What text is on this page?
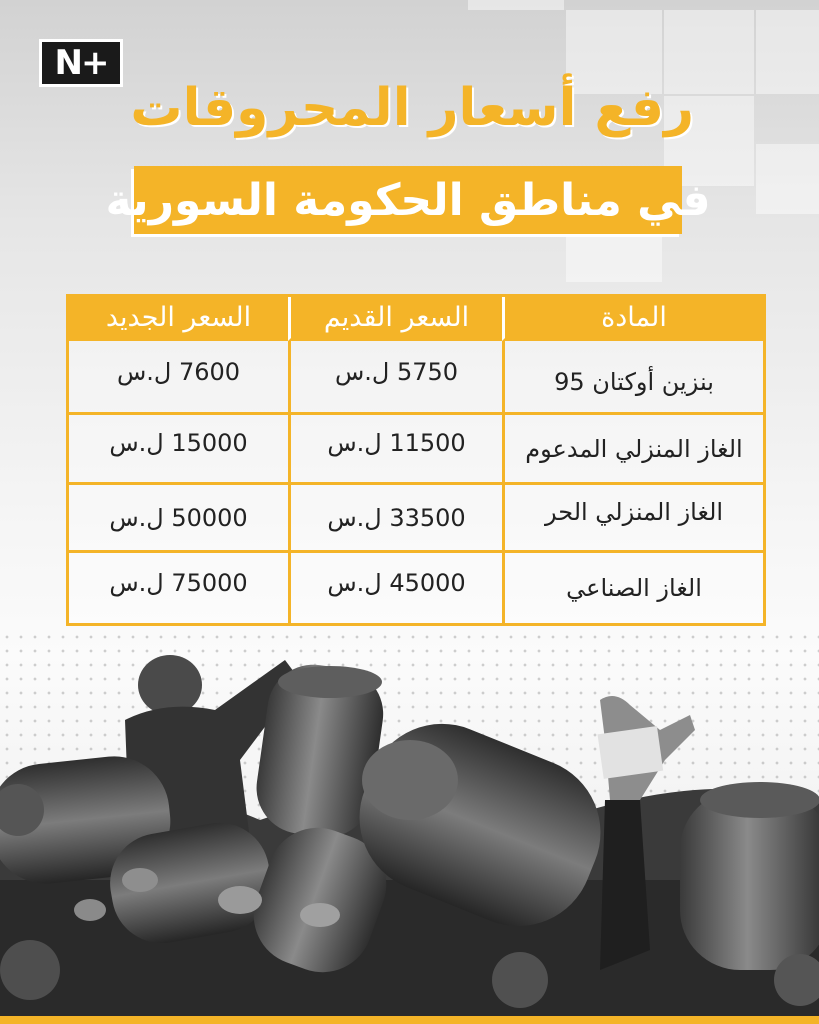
N+
رفع أسعار المحروقات
في مناطق الحكومة السورية
المادة
السعر القديم
السعر الجديد
بنزين أوكتان 95
5750 ل.س
7600 ل.س
الغاز المنزلي المدعوم
11500 ل.س
15000 ل.س
الغاز المنزلي الحر
33500 ل.س
50000 ل.س
الغاز الصناعي
45000 ل.س
75000 ل.س
